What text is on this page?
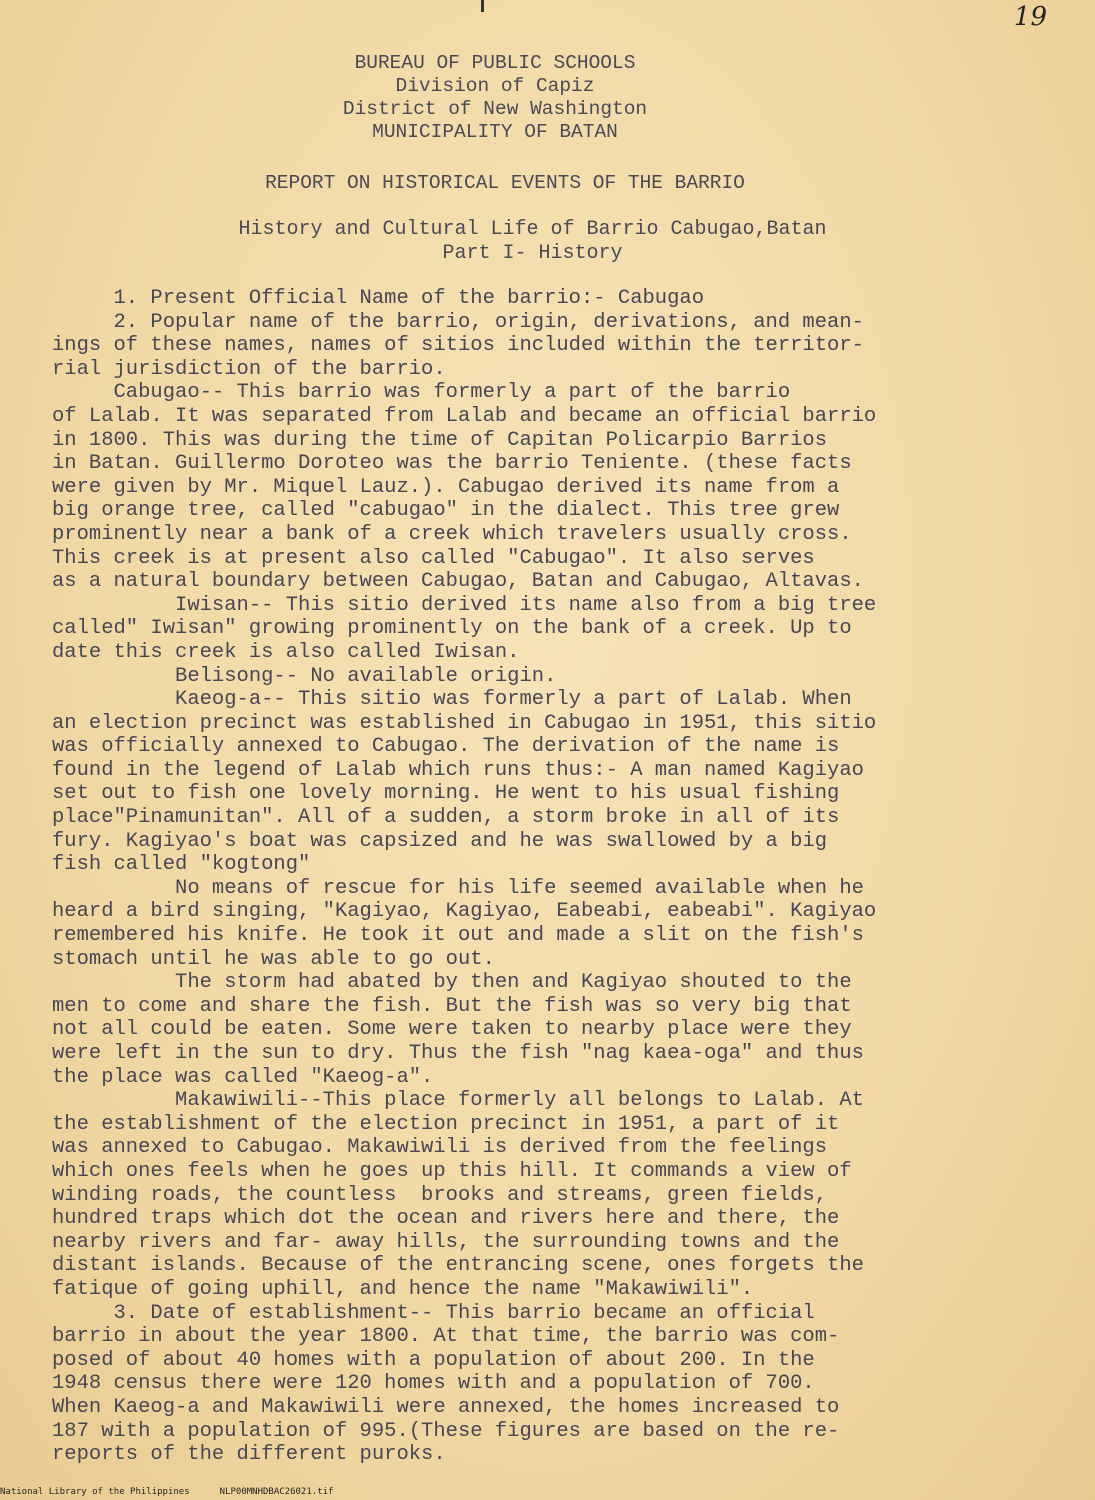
19
BUREAU OF PUBLIC SCHOOLS
Division of Capiz
District of New Washington
MUNICIPALITY OF BATAN
REPORT ON HISTORICAL EVENTS OF THE BARRIO
History and Cultural Life of Barrio Cabugao,Batan
Part I- History
1. Present Official Name of the barrio:- Cabugao
2. Popular name of the barrio, origin, derivations, and mean-
ings of these names, names of sitios included within the territor-
rial jurisdiction of the barrio.
Cabugao-- This barrio was formerly a part of the barrio
of Lalab. It was separated from Lalab and became an official barrio
in 1800. This was during the time of Capitan Policarpio Barrios
in Batan. Guillermo Doroteo was the barrio Teniente. (these facts
were given by Mr. Miquel Lauz.). Cabugao derived its name from a
big orange tree, called "cabugao" in the dialect. This tree grew
prominently near a bank of a creek which travelers usually cross.
This creek is at present also called "Cabugao". It also serves
as a natural boundary between Cabugao, Batan and Cabugao, Altavas.
Iwisan-- This sitio derived its name also from a big tree
called" Iwisan" growing prominently on the bank of a creek. Up to
date this creek is also called Iwisan.
Belisong-- No available origin.
Kaeog-a-- This sitio was formerly a part of Lalab. When
an election precinct was established in Cabugao in 1951, this sitio
was officially annexed to Cabugao. The derivation of the name is
found in the legend of Lalab which runs thus:- A man named Kagiyao
set out to fish one lovely morning. He went to his usual fishing
place"Pinamunitan". All of a sudden, a storm broke in all of its
fury. Kagiyao's boat was capsized and he was swallowed by a big
fish called "kogtong"
No means of rescue for his life seemed available when he
heard a bird singing, "Kagiyao, Kagiyao, Eabeabi, eabeabi". Kagiyao
remembered his knife. He took it out and made a slit on the fish's
stomach until he was able to go out.
The storm had abated by then and Kagiyao shouted to the
men to come and share the fish. But the fish was so very big that
not all could be eaten. Some were taken to nearby place were they
were left in the sun to dry. Thus the fish "nag kaea-oga" and thus
the place was called "Kaeog-a".
Makawiwili--This place formerly all belongs to Lalab. At
the establishment of the election precinct in 1951, a part of it
was annexed to Cabugao. Makawiwili is derived from the feelings
which ones feels when he goes up this hill. It commands a view of
winding roads, the countless  brooks and streams, green fields,
hundred traps which dot the ocean and rivers here and there, the
nearby rivers and far- away hills, the surrounding towns and the
distant islands. Because of the entrancing scene, ones forgets the
fatique of going uphill, and hence the name "Makawiwili".
3. Date of establishment-- This barrio became an official
barrio in about the year 1800. At that time, the barrio was com-
posed of about 40 homes with a population of about 200. In the
1948 census there were 120 homes with and a population of 700.
When Kaeog-a and Makawiwili were annexed, the homes increased to
187 with a population of 995.(These figures are based on the re-
reports of the different puroks.
National Library of the Philippines	NLP00MNHDBAC26021.tif
